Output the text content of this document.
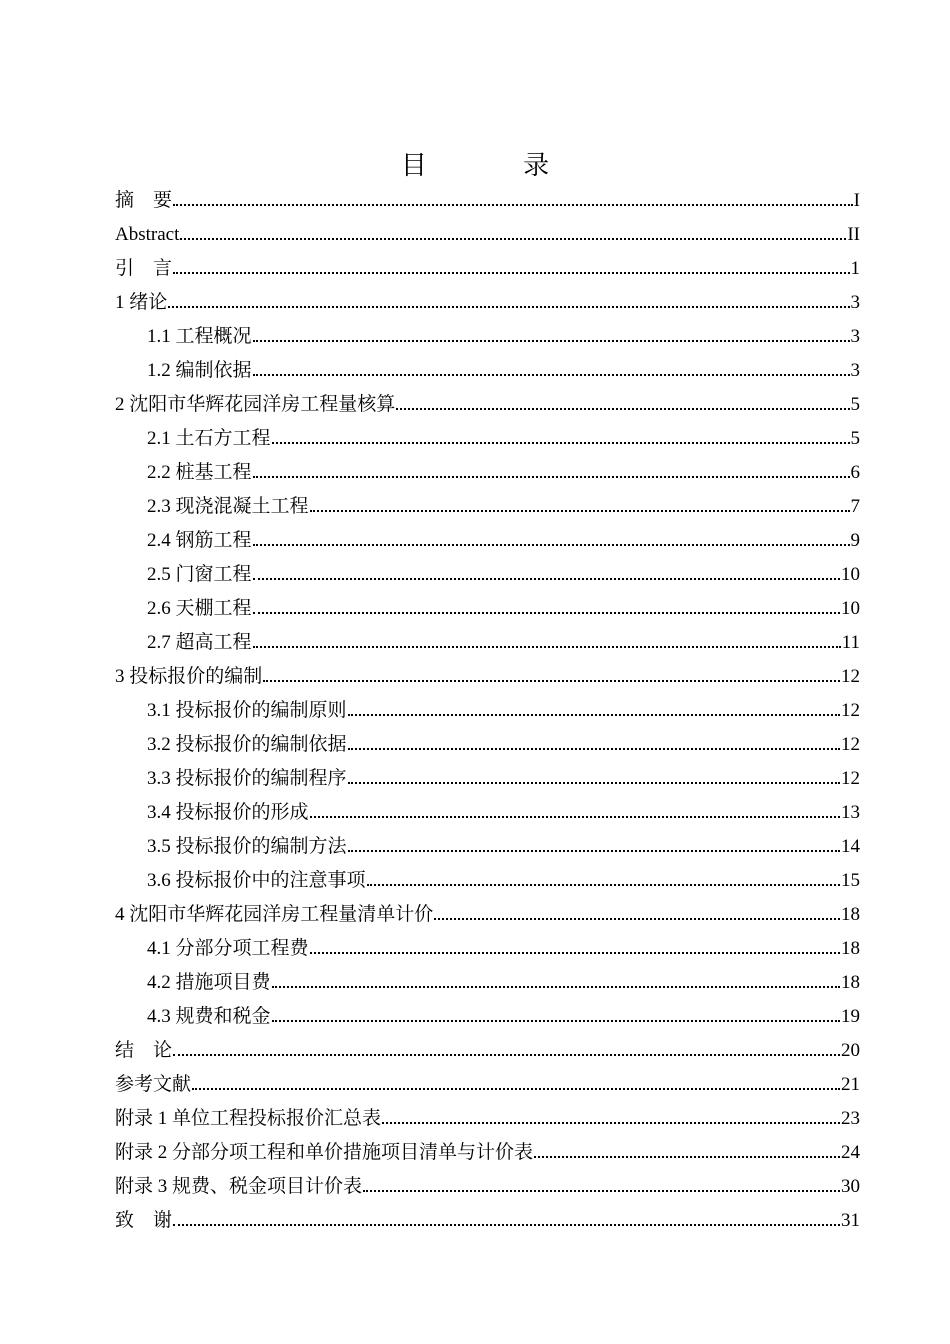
目 录
摘　要	I
Abstract	II
引　言	1
1 绪论	3
1.1 工程概况	3
1.2 编制依据	3
2 沈阳市华辉花园洋房工程量核算	5
2.1 土石方工程	5
2.2 桩基工程	6
2.3 现浇混凝土工程	7
2.4 钢筋工程	9
2.5 门窗工程	10
2.6 天棚工程	10
2.7 超高工程	11
3 投标报价的编制	12
3.1 投标报价的编制原则	12
3.2 投标报价的编制依据	12
3.3 投标报价的编制程序	12
3.4 投标报价的形成	13
3.5 投标报价的编制方法	14
3.6 投标报价中的注意事项	15
4 沈阳市华辉花园洋房工程量清单计价	18
4.1 分部分项工程费	18
4.2 措施项目费	18
4.3 规费和税金	19
结　论	20
参考文献	21
附录 1 单位工程投标报价汇总表	23
附录 2 分部分项工程和单价措施项目清单与计价表	24
附录 3 规费、税金项目计价表	30
致　谢	31
